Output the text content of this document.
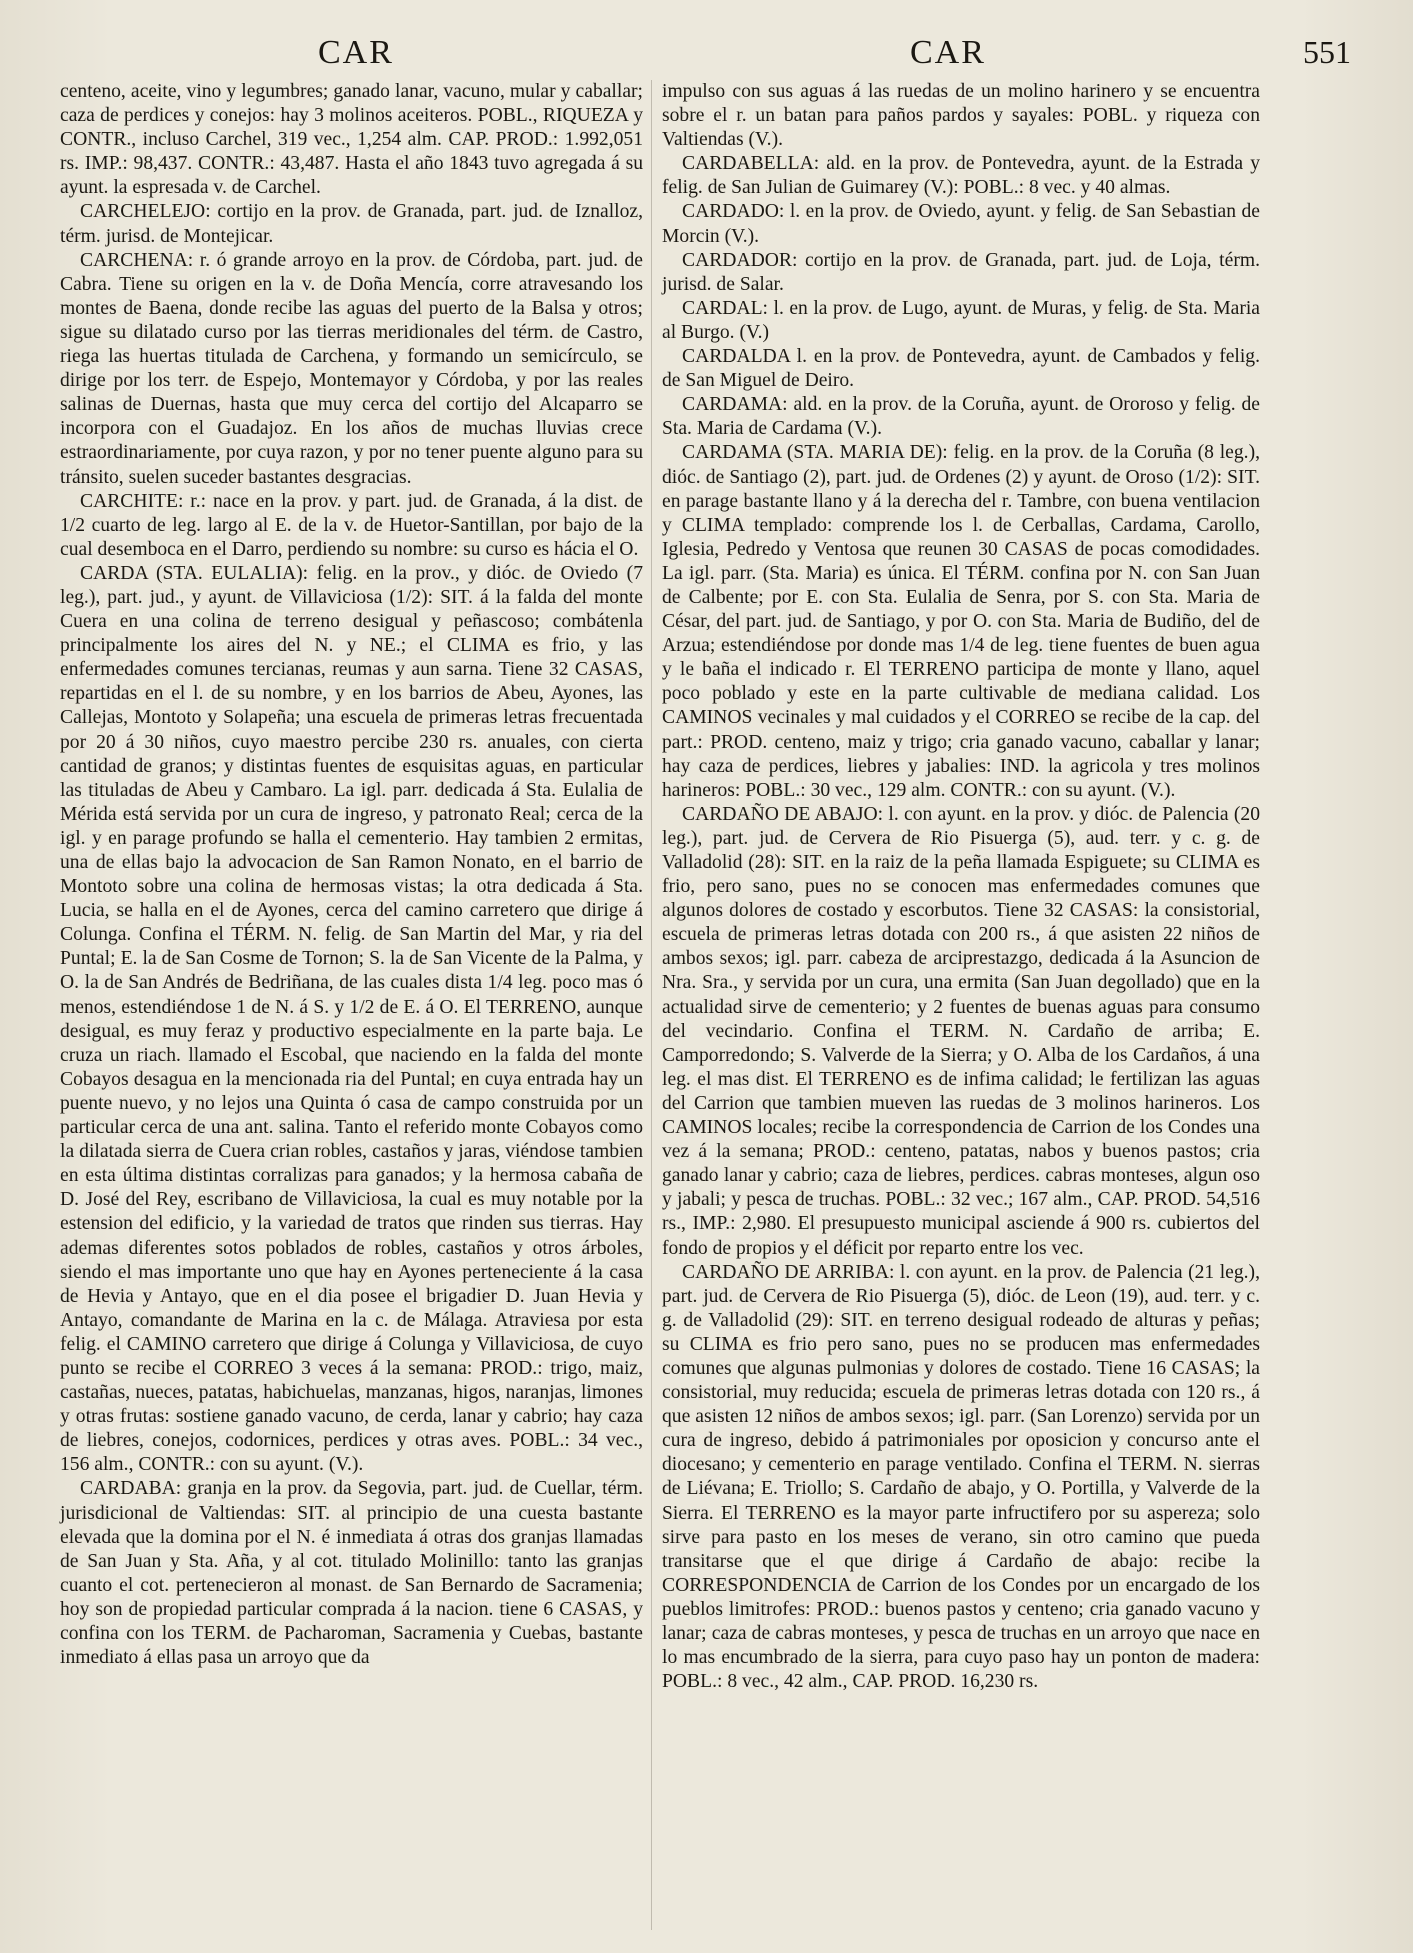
CAR	CAR	551

centeno, aceite, vino y legumbres; ganado lanar, vacuno, mular y caballar; caza de perdices y conejos: hay 3 molinos aceiteros. POBL., RIQUEZA y CONTR., incluso Carchel, 319 vec., 1,254 alm. CAP. PROD.: 1.992,051 rs. IMP.: 98,437. CONTR.: 43,487. Hasta el año 1843 tuvo agregada á su ayunt. la espresada v. de Carchel.

CARCHELEJO: cortijo en la prov. de Granada, part. jud. de Iznalloz, térm. jurisd. de Montejicar.

CARCHENA: r. ó grande arroyo en la prov. de Córdoba, part. jud. de Cabra. Tiene su origen en la v. de Doña Mencía, corre atravesando los montes de Baena, donde recibe las aguas del puerto de la Balsa y otros; sigue su dilatado curso por las tierras meridionales del térm. de Castro, riega las huertas titulada de Carchena, y formando un semicírculo, se dirige por los terr. de Espejo, Montemayor y Córdoba, y por las reales salinas de Duernas, hasta que muy cerca del cortijo del Alcaparro se incorpora con el Guadajoz. En los años de muchas lluvias crece estraordinariamente, por cuya razon, y por no tener puente alguno para su tránsito, suelen suceder bastantes desgracias.

CARCHITE: r.: nace en la prov. y part. jud. de Granada, á la dist. de 1/2 cuarto de leg. largo al E. de la v. de Huetor-Santillan, por bajo de la cual desemboca en el Darro, perdiendo su nombre: su curso es hácia el O.

CARDA (STA. EULALIA): felig. en la prov., y dióc. de Oviedo (7 leg.), part. jud., y ayunt. de Villaviciosa (1/2): SIT. á la falda del monte Cuera en una colina de terreno desigual y peñascoso; combátenla principalmente los aires del N. y NE.; el CLIMA es frio, y las enfermedades comunes tercianas, reumas y aun sarna. Tiene 32 CASAS, repartidas en el l. de su nombre, y en los barrios de Abeu, Ayones, las Callejas, Montoto y Solapeña; una escuela de primeras letras frecuentada por 20 á 30 niños, cuyo maestro percibe 230 rs. anuales, con cierta cantidad de granos; y distintas fuentes de esquisitas aguas, en particular las tituladas de Abeu y Cambaro. La igl. parr. dedicada á Sta. Eulalia de Mérida está servida por un cura de ingreso, y patronato Real; cerca de la igl. y en parage profundo se halla el cementerio. Hay tambien 2 ermitas, una de ellas bajo la advocacion de San Ramon Nonato, en el barrio de Montoto sobre una colina de hermosas vistas; la otra dedicada á Sta. Lucia, se halla en el de Ayones, cerca del camino carretero que dirige á Colunga. Confina el TÉRM. N. felig. de San Martin del Mar, y ria del Puntal; E. la de San Cosme de Tornon; S. la de San Vicente de la Palma, y O. la de San Andrés de Bedriñana, de las cuales dista 1/4 leg. poco mas ó menos, estendiéndose 1 de N. á S. y 1/2 de E. á O. El TERRENO, aunque desigual, es muy feraz y productivo especialmente en la parte baja. Le cruza un riach. llamado el Escobal, que naciendo en la falda del monte Cobayos desagua en la mencionada ria del Puntal; en cuya entrada hay un puente nuevo, y no lejos una Quinta ó casa de campo construida por un particular cerca de una ant. salina. Tanto el referido monte Cobayos como la dilatada sierra de Cuera crian robles, castaños y jaras, viéndose tambien en esta última distintas corralizas para ganados; y la hermosa cabaña de D. José del Rey, escribano de Villaviciosa, la cual es muy notable por la estension del edificio, y la variedad de tratos que rinden sus tierras. Hay ademas diferentes sotos poblados de robles, castaños y otros árboles, siendo el mas importante uno que hay en Ayones perteneciente á la casa de Hevia y Antayo, que en el dia posee el brigadier D. Juan Hevia y Antayo, comandante de Marina en la c. de Málaga. Atraviesa por esta felig. el CAMINO carretero que dirige á Colunga y Villaviciosa, de cuyo punto se recibe el CORREO 3 veces á la semana: PROD.: trigo, maiz, castañas, nueces, patatas, habichuelas, manzanas, higos, naranjas, limones y otras frutas: sostiene ganado vacuno, de cerda, lanar y cabrio; hay caza de liebres, conejos, codornices, perdices y otras aves. POBL.: 34 vec., 156 alm., CONTR.: con su ayunt. (V.).

CARDABA: granja en la prov. da Segovia, part. jud. de Cuellar, térm. jurisdicional de Valtiendas: SIT. al principio de una cuesta bastante elevada que la domina por el N. é inmediata á otras dos granjas llamadas de San Juan y Sta. Aña, y al cot. titulado Molinillo: tanto las granjas cuanto el cot. pertenecieron al monast. de San Bernardo de Sacramenia; hoy son de propiedad particular comprada á la nacion. tiene 6 CASAS, y confina con los TERM. de Pacharoman, Sacramenia y Cuebas, bastante inmediato á ellas pasa un arroyo que da

impulso con sus aguas á las ruedas de un molino harinero y se encuentra sobre el r. un batan para paños pardos y sayales: POBL. y riqueza con Valtiendas (V.).

CARDABELLA: ald. en la prov. de Pontevedra, ayunt. de la Estrada y felig. de San Julian de Guimarey (V.): POBL.: 8 vec. y 40 almas.

CARDADO: l. en la prov. de Oviedo, ayunt. y felig. de San Sebastian de Morcin (V.).

CARDADOR: cortijo en la prov. de Granada, part. jud. de Loja, térm. jurisd. de Salar.

CARDAL: l. en la prov. de Lugo, ayunt. de Muras, y felig. de Sta. Maria al Burgo. (V.)

CARDALDA l. en la prov. de Pontevedra, ayunt. de Cambados y felig. de San Miguel de Deiro.

CARDAMA: ald. en la prov. de la Coruña, ayunt. de Ororoso y felig. de Sta. Maria de Cardama (V.).

CARDAMA (STA. MARIA DE): felig. en la prov. de la Coruña (8 leg.), dióc. de Santiago (2), part. jud. de Ordenes (2) y ayunt. de Oroso (1/2): SIT. en parage bastante llano y á la derecha del r. Tambre, con buena ventilacion y CLIMA templado: comprende los l. de Cerballas, Cardama, Carollo, Iglesia, Pedredo y Ventosa que reunen 30 CASAS de pocas comodidades. La igl. parr. (Sta. Maria) es única. El TÉRM. confina por N. con San Juan de Calbente; por E. con Sta. Eulalia de Senra, por S. con Sta. Maria de César, del part. jud. de Santiago, y por O. con Sta. Maria de Budiño, del de Arzua; estendiéndose por donde mas 1/4 de leg. tiene fuentes de buen agua y le baña el indicado r. El TERRENO participa de monte y llano, aquel poco poblado y este en la parte cultivable de mediana calidad. Los CAMINOS vecinales y mal cuidados y el CORREO se recibe de la cap. del part.: PROD. centeno, maiz y trigo; cria ganado vacuno, caballar y lanar; hay caza de perdices, liebres y jabalies: IND. la agricola y tres molinos harineros: POBL.: 30 vec., 129 alm. CONTR.: con su ayunt. (V.).

CARDAÑO DE ABAJO: l. con ayunt. en la prov. y dióc. de Palencia (20 leg.), part. jud. de Cervera de Rio Pisuerga (5), aud. terr. y c. g. de Valladolid (28): SIT. en la raiz de la peña llamada Espiguete; su CLIMA es frio, pero sano, pues no se conocen mas enfermedades comunes que algunos dolores de costado y escorbutos. Tiene 32 CASAS: la consistorial, escuela de primeras letras dotada con 200 rs., á que asisten 22 niños de ambos sexos; igl. parr. cabeza de arciprestazgo, dedicada á la Asuncion de Nra. Sra., y servida por un cura, una ermita (San Juan degollado) que en la actualidad sirve de cementerio; y 2 fuentes de buenas aguas para consumo del vecindario. Confina el TERM. N. Cardaño de arriba; E. Camporredondo; S. Valverde de la Sierra; y O. Alba de los Cardaños, á una leg. el mas dist. El TERRENO es de infima calidad; le fertilizan las aguas del Carrion que tambien mueven las ruedas de 3 molinos harineros. Los CAMINOS locales; recibe la correspondencia de Carrion de los Condes una vez á la semana; PROD.: centeno, patatas, nabos y buenos pastos; cria ganado lanar y cabrio; caza de liebres, perdices. cabras monteses, algun oso y jabali; y pesca de truchas. POBL.: 32 vec.; 167 alm., CAP. PROD. 54,516 rs., IMP.: 2,980. El presupuesto municipal asciende á 900 rs. cubiertos del fondo de propios y el déficit por reparto entre los vec.

CARDAÑO DE ARRIBA: l. con ayunt. en la prov. de Palencia (21 leg.), part. jud. de Cervera de Rio Pisuerga (5), dióc. de Leon (19), aud. terr. y c. g. de Valladolid (29): SIT. en terreno desigual rodeado de alturas y peñas; su CLIMA es frio pero sano, pues no se producen mas enfermedades comunes que algunas pulmonias y dolores de costado. Tiene 16 CASAS; la consistorial, muy reducida; escuela de primeras letras dotada con 120 rs., á que asisten 12 niños de ambos sexos; igl. parr. (San Lorenzo) servida por un cura de ingreso, debido á patrimoniales por oposicion y concurso ante el diocesano; y cementerio en parage ventilado. Confina el TERM. N. sierras de Liévana; E. Triollo; S. Cardaño de abajo, y O. Portilla, y Valverde de la Sierra. El TERRENO es la mayor parte infructifero por su aspereza; solo sirve para pasto en los meses de verano, sin otro camino que pueda transitarse que el que dirige á Cardaño de abajo: recibe la CORRESPONDENCIA de Carrion de los Condes por un encargado de los pueblos limitrofes: PROD.: buenos pastos y centeno; cria ganado vacuno y lanar; caza de cabras monteses, y pesca de truchas en un arroyo que nace en lo mas encumbrado de la sierra, para cuyo paso hay un ponton de madera: POBL.: 8 vec., 42 alm., CAP. PROD. 16,230 rs.
